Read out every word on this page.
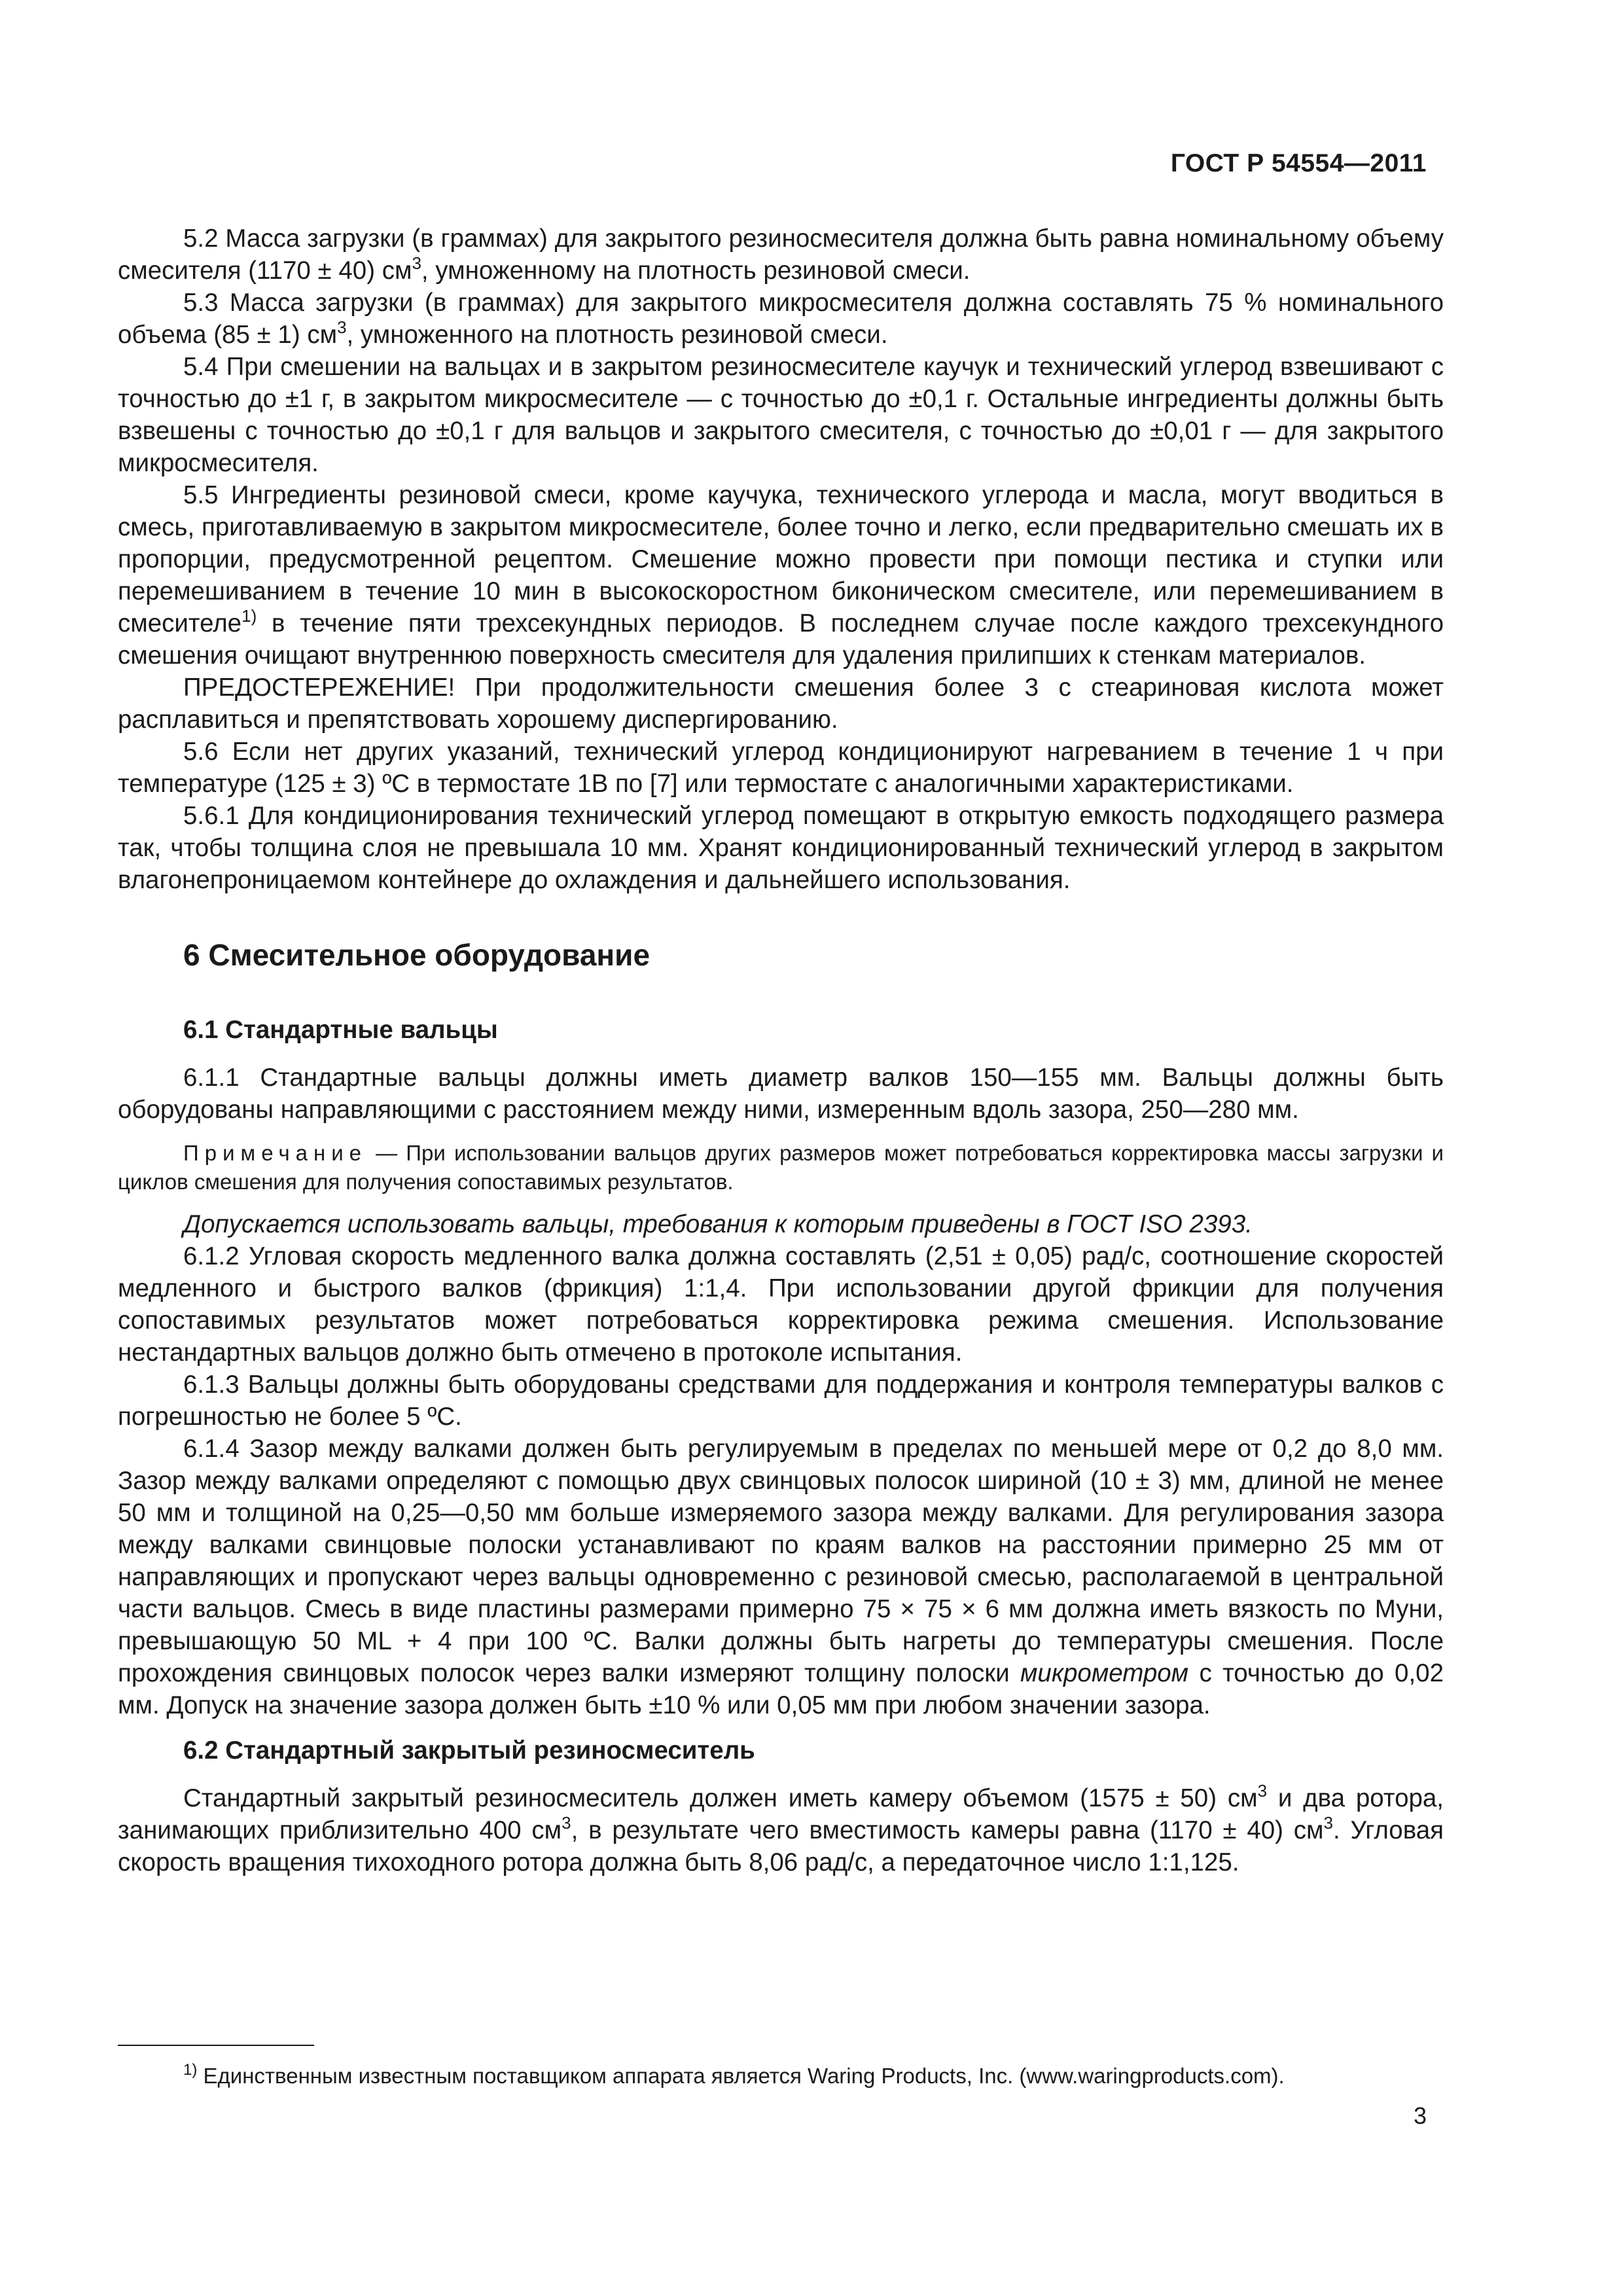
ГОСТ Р 54554—2011

5.2 Масса загрузки (в граммах) для закрытого резиносмесителя должна быть равна номинальному объему смесителя (1170 ± 40) $см^3$, умноженному на плотность резиновой смеси.

5.3 Масса загрузки (в граммах) для закрытого микросмесителя должна составлять 75 % номинального объема (85 ± 1) $см^3$, умноженного на плотность резиновой смеси.

5.4 При смешении на вальцах и в закрытом резиносмесителе каучук и технический углерод взвешивают с точностью до ±1 г, в закрытом микросмесителе — с точностью до ±0,1 г. Остальные ингредиенты должны быть взвешены с точностью до ±0,1 г для вальцов и закрытого смесителя, с точностью до ±0,01 г — для закрытого микросмесителя.

5.5 Ингредиенты резиновой смеси, кроме каучука, технического углерода и масла, могут вводиться в смесь, приготавливаемую в закрытом микросмесителе, более точно и легко, если предварительно смешать их в пропорции, предусмотренной рецептом. Смешение можно провести при помощи пестика и ступки или перемешиванием в течение 10 мин в высокоскоростном биконическом смесителе, или перемешиванием в смесителе$^{1)}$ в течение пяти трехсекундных периодов. В последнем случае после каждого трехсекундного смешения очищают внутреннюю поверхность смесителя для удаления прилипших к стенкам материалов.

ПРЕДОСТЕРЕЖЕНИЕ! При продолжительности смешения более 3 с стеариновая кислота может расплавиться и препятствовать хорошему диспергированию.

5.6 Если нет других указаний, технический углерод кондиционируют нагреванием в течение 1 ч при температуре (125 ± 3) ºC в термостате 1В по [7] или термостате с аналогичными характеристиками.

5.6.1 Для кондиционирования технический углерод помещают в открытую емкость подходящего размера так, чтобы толщина слоя не превышала 10 мм. Хранят кондиционированный технический углерод в закрытом влагонепроницаемом контейнере до охлаждения и дальнейшего использования.

6 Смесительное оборудование
6.1 Стандартные вальцы

6.1.1 Стандартные вальцы должны иметь диаметр валков 150—155 мм. Вальцы должны быть оборудованы направляющими с расстоянием между ними, измеренным вдоль зазора, 250—280 мм.

Примечание — При использовании вальцов других размеров может потребоваться корректировка массы загрузки и циклов смешения для получения сопоставимых результатов.

Допускается использовать вальцы, требования к которым приведены в ГОСТ ISO 2393.

6.1.2 Угловая скорость медленного валка должна составлять (2,51 ± 0,05) рад/с, соотношение скоростей медленного и быстрого валков (фрикция) 1:1,4. При использовании другой фрикции для получения сопоставимых результатов может потребоваться корректировка режима смешения. Использование нестандартных вальцов должно быть отмечено в протоколе испытания.

6.1.3 Вальцы должны быть оборудованы средствами для поддержания и контроля температуры валков с погрешностью не более 5 ºC.

6.1.4 Зазор между валками должен быть регулируемым в пределах по меньшей мере от 0,2 до 8,0 мм. Зазор между валками определяют с помощью двух свинцовых полосок шириной (10 ± 3) мм, длиной не менее 50 мм и толщиной на 0,25—0,50 мм больше измеряемого зазора между валками. Для регулирования зазора между валками свинцовые полоски устанавливают по краям валков на расстоянии примерно 25 мм от направляющих и пропускают через вальцы одновременно с резиновой смесью, располагаемой в центральной части вальцов. Смесь в виде пластины размерами примерно 75 × 75 × 6 мм должна иметь вязкость по Муни, превышающую 50 ML + 4 при 100 ºC. Валки должны быть нагреты до температуры смешения. После прохождения свинцовых полосок через валки измеряют толщину полоски микрометром с точностью до 0,02 мм. Допуск на значение зазора должен быть ±10 % или 0,05 мм при любом значении зазора.

6.2 Стандартный закрытый резиносмеситель

Стандартный закрытый резиносмеситель должен иметь камеру объемом (1575 ± 50) $см^3$ и два ротора, занимающих приблизительно 400 $см^3$, в результате чего вместимость камеры равна (1170 ± 40) $см^3$. Угловая скорость вращения тихоходного ротора должна быть 8,06 рад/с, а передаточное число 1:1,125.

$^{1)}$ Единственным известным поставщиком аппарата является Waring Products, Inc. (www.waringproducts.com).
3
